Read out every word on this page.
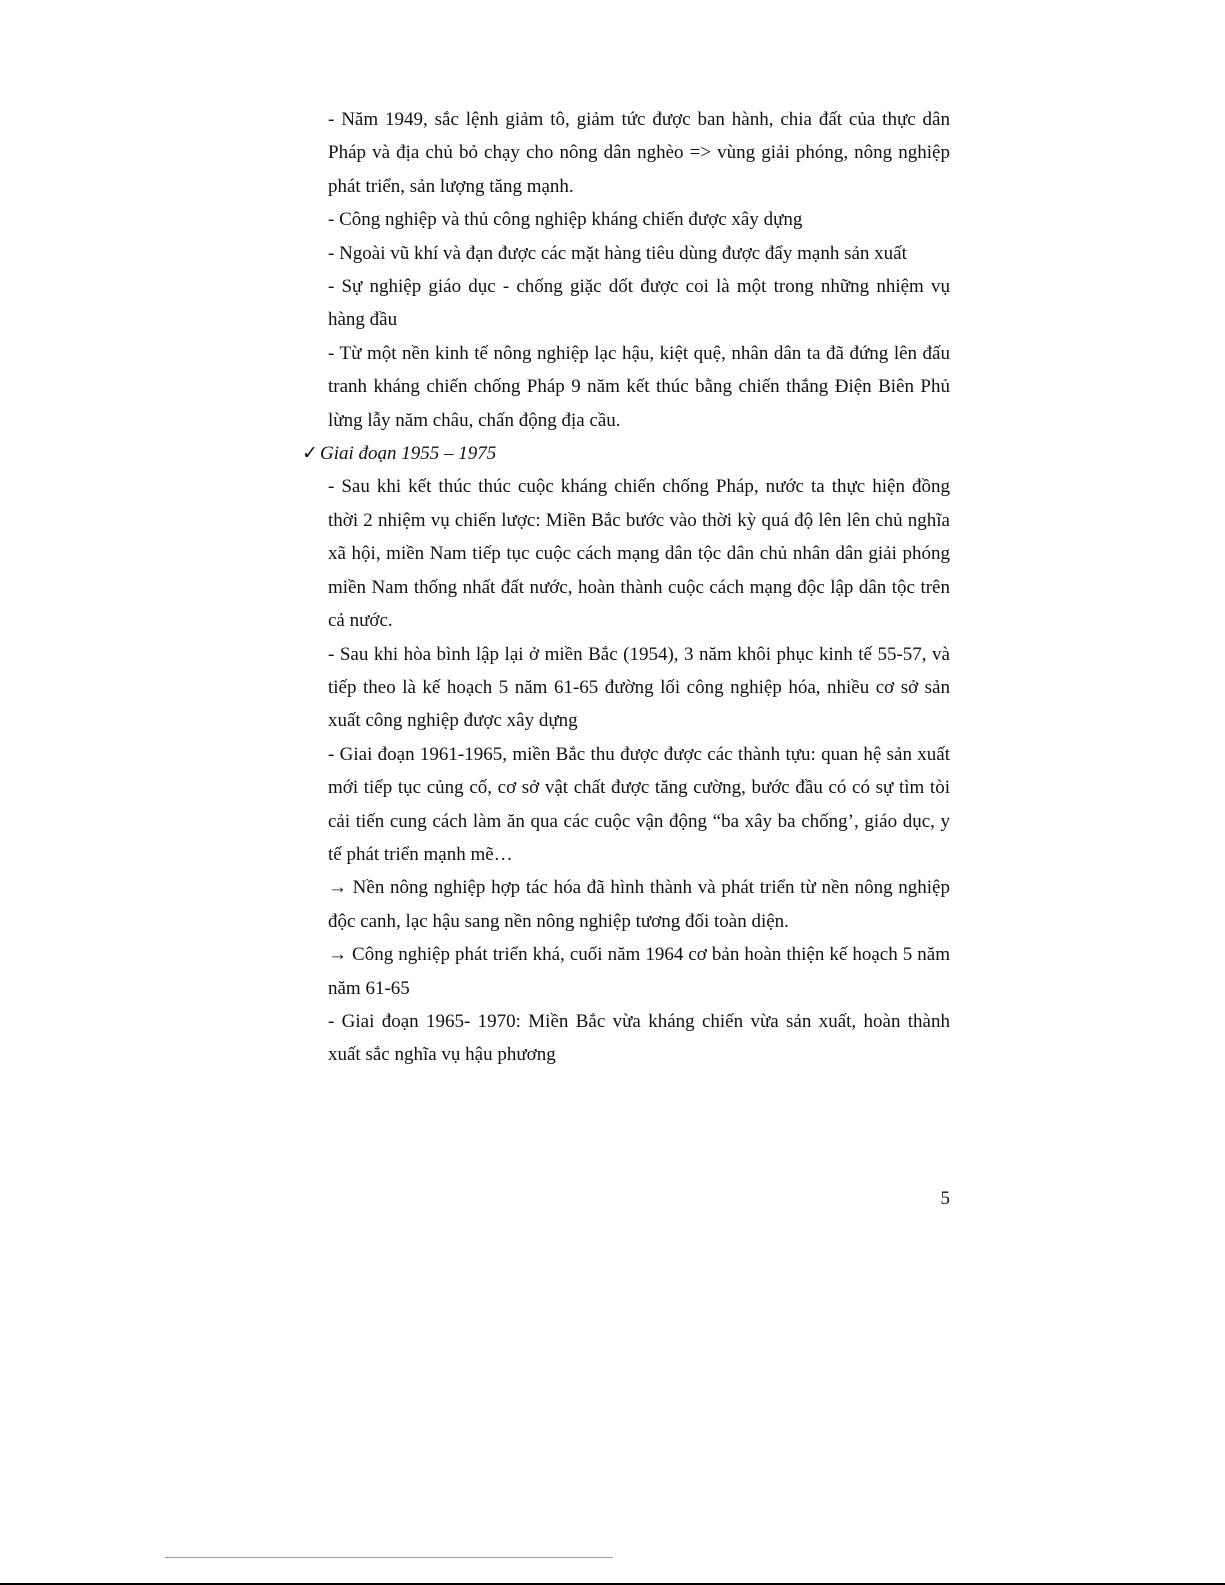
- Năm 1949, sắc lệnh giảm tô, giảm tức được ban hành, chia đất của thực dân Pháp và địa chủ bỏ chạy cho nông dân nghèo => vùng giải phóng, nông nghiệp phát triển, sản lượng tăng mạnh.

- Công nghiệp và thủ công nghiệp kháng chiến được xây dựng

- Ngoài vũ khí và đạn được các mặt hàng tiêu dùng được đẩy mạnh sản xuất

- Sự nghiệp giáo dục - chống giặc dốt được coi là một trong những nhiệm vụ hàng đầu

- Từ một nền kinh tế nông nghiệp lạc hậu, kiệt quệ, nhân dân ta đã đứng lên đấu tranh kháng chiến chống Pháp 9 năm kết thúc bằng chiến thắng Điện Biên Phủ lừng lẫy năm châu, chấn động địa cầu.

✓ Giai đoạn 1955 – 1975

- Sau khi kết thúc thúc cuộc kháng chiến chống Pháp, nước ta thực hiện đồng thời 2 nhiệm vụ chiến lược: Miền Bắc bước vào thời kỳ quá độ lên lên chủ nghĩa xã hội, miền Nam tiếp tục cuộc cách mạng dân tộc dân chủ nhân dân giải phóng miền Nam thống nhất đất nước, hoàn thành cuộc cách mạng độc lập dân tộc trên cả nước.

- Sau khi hòa bình lập lại ở miền Bắc (1954), 3 năm khôi phục kinh tế 55-57, và tiếp theo là kế hoạch 5 năm 61-65 đường lối công nghiệp hóa, nhiều cơ sở sản xuất công nghiệp được xây dựng

- Giai đoạn 1961-1965, miền Bắc thu được được các thành tựu: quan hệ sản xuất mới tiếp tục củng cố, cơ sở vật chất được tăng cường, bước đầu có có sự tìm tòi cải tiến cung cách làm ăn qua các cuộc vận động “ba xây ba chống’, giáo dục, y tế phát triển mạnh mẽ…

→ Nền nông nghiệp hợp tác hóa đã hình thành và phát triển từ nền nông nghiệp độc canh, lạc hậu sang nền nông nghiệp tương đối toàn diện.

→ Công nghiệp phát triển khá, cuối năm 1964 cơ bản hoàn thiện kế hoạch 5 năm năm 61-65

- Giai đoạn 1965- 1970: Miền Bắc vừa kháng chiến vừa sản xuất, hoàn thành xuất sắc nghĩa vụ hậu phương

5
